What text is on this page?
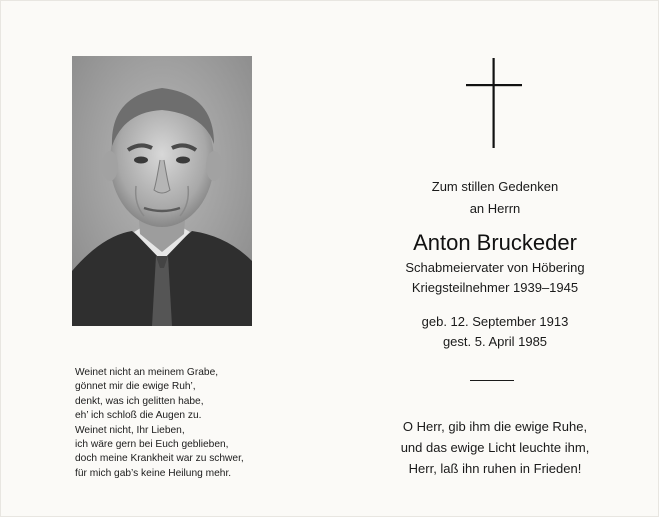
Weinet nicht an meinem Grabe,
gönnet mir die ewige Ruh’,
denkt, was ich gelitten habe,
eh’ ich schloß die Augen zu.
Weinet nicht, Ihr Lieben,
ich wäre gern bei Euch geblieben,
doch meine Krankheit war zu schwer,
für mich gab’s keine Heilung mehr.
Zum stillen Gedenken
an Herrn
Anton Bruckeder
Schabmeiervater von Höbering
Kriegsteilnehmer 1939–1945
geb. 12. September 1913
gest. 5. April 1985
O Herr, gib ihm die ewige Ruhe,
und das ewige Licht leuchte ihm,
Herr, laß ihn ruhen in Frieden!
